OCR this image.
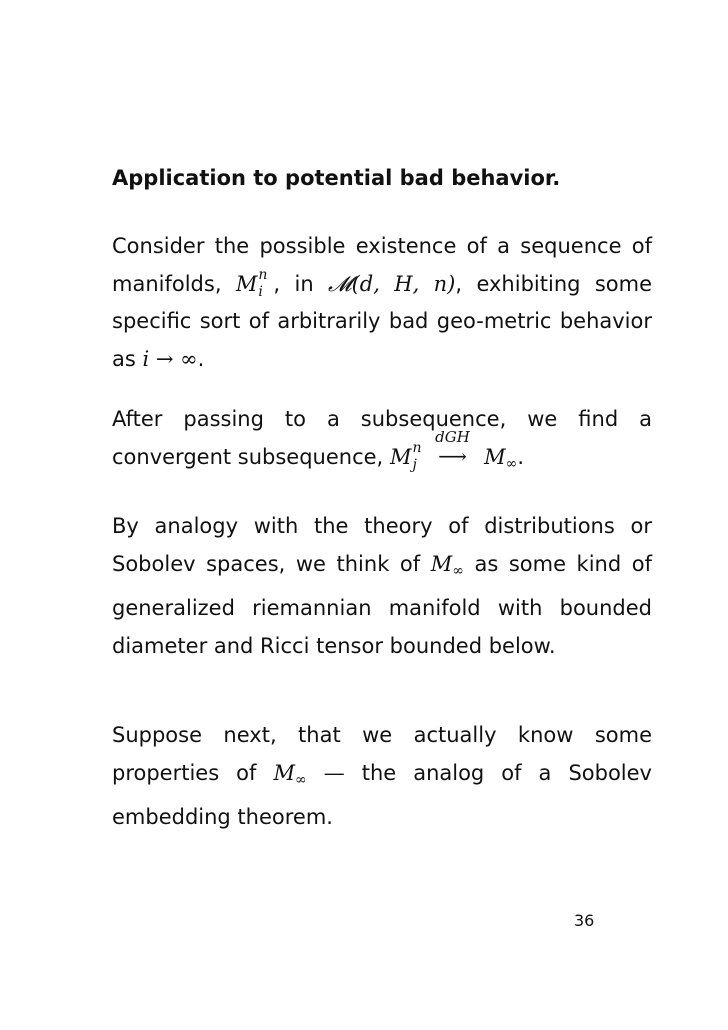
Application to potential bad behavior.
Consider the possible existence of a sequence of manifolds, M n
i , in 𝓜(d, H, n), exhibiting some specific sort of arbitrarily bad geo-metric behavior as i → ∞.
After passing to a subsequence, we find a convergent subsequence, M n
j
dGH
⟶ M∞.
By analogy with the theory of distributions or Sobolev spaces, we think of M∞ as some kind of generalized riemannian manifold with bounded diameter and Ricci tensor bounded below.
Suppose next, that we actually know some properties of M∞ — the analog of a Sobolev embedding theorem.
36
